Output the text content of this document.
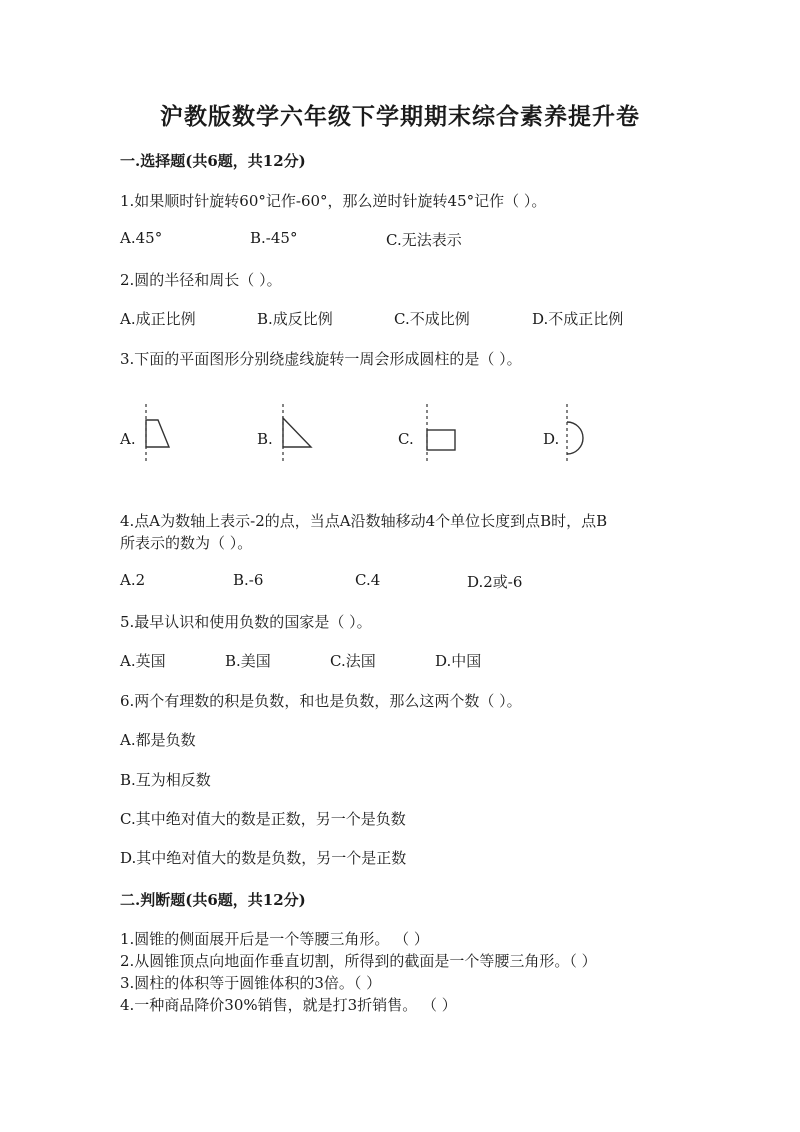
沪教版数学六年级下学期期末综合素养提升卷
一.选择题(共6题，共12分)
1.如果顺时针旋转60°记作-60°，那么逆时针旋转45°记作（ ）。
A.45°	B.-45°	C.无法表示
2.圆的半径和周长（ ）。
A.成正比例	B.成反比例	C.不成比例	D.不成正比例
3.下面的平面图形分别绕虚线旋转一周会形成圆柱的是（ ）。
A.	B.	C.	D.
4.点A为数轴上表示-2的点，当点A沿数轴移动4个单位长度到点B时，点B
所表示的数为（ ）。
A.2	B.-6	C.4	D.2或-6
5.最早认识和使用负数的国家是（ ）。
A.英国	B.美国	C.法国	D.中国
6.两个有理数的积是负数，和也是负数，那么这两个数（ ）。
A.都是负数
B.互为相反数
C.其中绝对值大的数是正数，另一个是负数
D.其中绝对值大的数是负数，另一个是正数
二.判断题(共6题，共12分)
1.圆锥的侧面展开后是一个等腰三角形。 （ ）
2.从圆锥顶点向地面作垂直切割，所得到的截面是一个等腰三角形。（ ）
3.圆柱的体积等于圆锥体积的3倍。（ ）
4.一种商品降价30%销售，就是打3折销售。 （ ）
